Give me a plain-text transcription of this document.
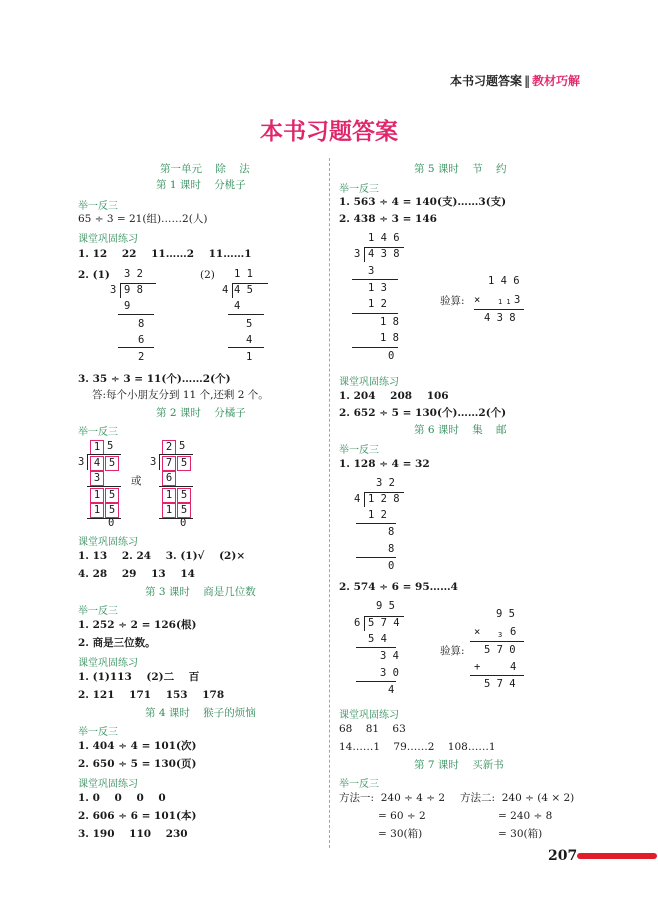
本书习题答案 ‖ 教材巧解
本书习题答案
第一单元    除    法
第 1 课时    分桃子
举一反三
65 ÷ 3 = 21(组)……2(人)
课堂巩固练习
1. 12    22    11……2    11……1
2. (1)	(2)
3 2
3 9 8
9
8
6
2
1 1
4 4 5
4
5
4
1
3. 35 ÷ 3 = 11(个)……2(个)
答:每个小朋友分到 11 个,还剩 2 个。
第 2 课时    分橘子
举一反三
1 5
3 4 5
3
1 5
1 5
0
或
2 5
3 7 5
6
1 5
1 5
0
课堂巩固练习
1. 13    2. 24    3. (1)√    (2)×
4. 28    29    13    14
第 3 课时    商是几位数
举一反三
1. 252 ÷ 2 = 126(根)
2. 商是三位数。
课堂巩固练习
1. (1)113    (2)二    百
2. 121    171    153    178
第 4 课时    猴子的烦恼
举一反三
1. 404 ÷ 4 = 101(次)
2. 650 ÷ 5 = 130(页)
课堂巩固练习
1. 0    0    0    0
2. 606 ÷ 6 = 101(本)
3. 190    110    230
第 5 课时    节    约
举一反三
1. 563 ÷ 4 = 140(支)……3(支)
2. 438 ÷ 3 = 146
1 4 6
3 4 3 8
3
1 3
1 2
1 8
1 8
0
验算:
1 4 6
×	1 1 3
4 3 8
课堂巩固练习
1. 204    208    106
2. 652 ÷ 5 = 130(个)……2(个)
第 6 课时    集    邮
举一反三
1. 128 ÷ 4 = 32
3 2
4 1 2 8
1 2
8
8
0
2. 574 ÷ 6 = 95……4
9 5
6 5 7 4
5 4
3 4
3 0
4
验算:
9 5
×	3 6
5 7 0
+	4
5 7 4
课堂巩固练习
68    81    63
14……1    79……2    108……1
第 7 课时    买新书
举一反三
方法一:  240 ÷ 4 ÷ 2
= 60 ÷ 2
= 30(箱)
方法二:  240 ÷ (4 × 2)
= 240 ÷ 8
= 30(箱)
207
